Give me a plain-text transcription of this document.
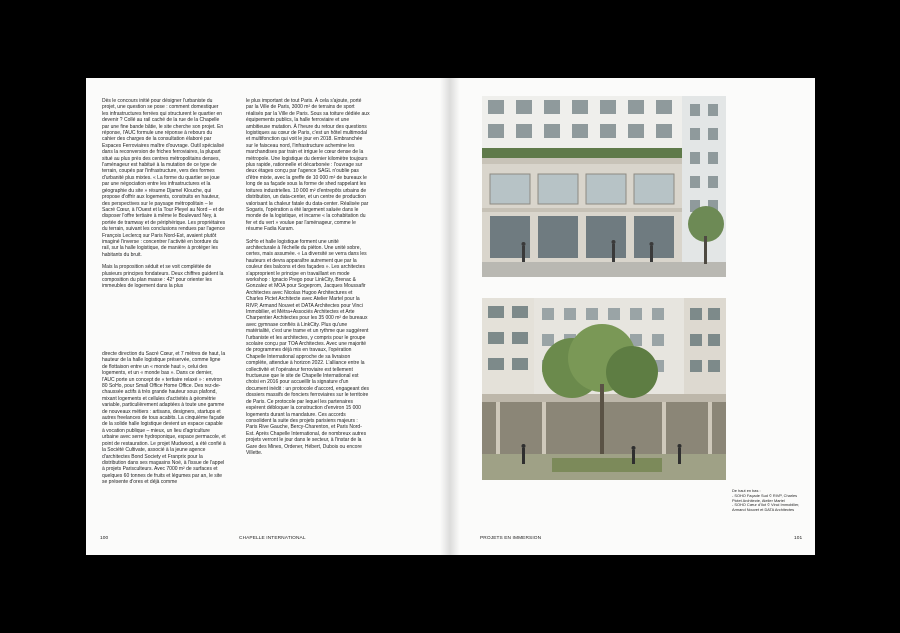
Dès le concours initié pour désigner l'urbaniste du projet, une question se pose : comment domestiquer les infrastructures ferrées qui structurent le quartier en devenir ? Collé au rail caché de la rue de la Chapelle par une fine bande bâtie, le site cherche son projet. En réponse, l'AUC formule une réponse à rebours du cahier des charges de la consultation élaboré par Espaces Ferroviaires maître d'ouvrage. Outil spécialisé dans la reconversion de friches ferroviaires, la plupart situé au plus près des centres métropolitains denses, l'aménageur est habitué à la mutation de ce type de terrain, coupés par l'infrastructure, vers des formes d'urbanité plus mixtes. « La forme du quartier se joue par une négociation entre les infrastructures et la géographie du site » résume Djamel Klouche, qui propose d'offrir aux logements, construits en hauteur, des perspectives sur le paysage métropolitain – le Sacré Cœur, à l'Ouest et la Tour Pleyel au Nord – et de disposer l'offre tertiaire à même le Boulevard Ney, à portée de tramway et de périphérique. Les propriétaires du terrain, suivant les conclusions rendues par l'agence François Leclercq sur Paris Nord-Est, avaient plutôt imaginé l'inverse : concentrer l'activité en bordure du rail, sur la halle logistique, de manière à protéger les habitants du bruit.

Mais la proposition séduit et se voit complétée de plusieurs principes fondateurs. Deux chiffres guident la composition du plan masse : 42° pour orienter les immeubles de logement dans la plus

directe direction du Sacré Cœur, et 7 mètres de haut, la hauteur de la halle logistique préservée, comme ligne de flottaison entre un « monde haut », celui des logements, et un « monde bas ». Dans ce dernier, l'AUC porte un concept de « tertiaire relaxé » : environ 80 SoHo, pour Small Office Home Office. Des rez-de-chaussée actifs à très grande hauteur sous plafond, mixant logements et cellules d'activités à géométrie variable, particulièrement adaptées à toute une gamme de nouveaux métiers : artisans, designers, startups et autres freelances de tous acabits. La cinquième façade de la solide halle logistique devient un espace capable à vocation publique – mieux, un lieu d'agriculture urbaine avec serre hydroponique, espace permacole, et point de restauration. Le projet Mudwood, a été confié à la Société Cultivate, associé à la jeune agence d'architectes Bond Society et Franprix pour la distribution dans ses magasins Noé, à l'issue de l'appel à projets Parisculteurs. Avec 7000 m² de surfaces et quelques 60 tonnes de fruits et légumes par an, le site se présente d'ores et déjà comme

le plus important de tout Paris. À cela s'ajoute, porté par la Ville de Paris, 3000 m² de terrains de sport réalisés par la Ville de Paris. Sous sa toiture dédiée aux équipements publics, la halle ferroviaire et une ambitieuse mutation. À l'heure du retour des questions logistiques au cœur de Paris, c'est un hôtel multimodal et multifonction qui voit le jour en 2018. Embranchée sur le faisceau nord, l'infrastructure achemine les marchandises par train et irrigue le cœur dense de la métropole. Une logistique du dernier kilomètre toujours plus rapide, rationnelle et décarbonée : l'ouvrage sur deux étages conçu par l'agence SAGL n'oublie pas d'être mixte, avec la greffe de 10 000 m² de bureaux le long de sa façade sous la forme de shed rappelant les toitures industrielles. 10 000 m² d'entrepôts urbains de distribution, un data-center, et un centre de production valorisant la chaleur fatale du data-center. Réalisée par Sogaris, l'opération a été largement saluée dans le monde de la logistique, et incarne « la cohabitation du fer et du vert » voulue par l'aménageur, comme le résume Fadia Karam.

SoHo et halle logistique forment une unité architecturale à l'échelle du piéton. Une unité sobre, certes, mais assumée. « La diversité se verra dans les hauteurs et devra apparaître autrement que par la couleur des balcons et des façades ». Les architectes s'approprient le principe en travaillant en mode workshop : Ignacio Prego pour LinkCity, Brenac & Gonzalez et MOA pour Sogeprom, Jacques Moussafir Architectes avec Nicolas Hugoo Architectures et Charles Pictet Architecte avec Atelier Martel pour la RIVP, Armand Nouvet et DATA Architectes pour Vinci Immobilier, et Métra+Associés Architectes et Arte Charpentier Architectes pour les 35 000 m² de bureaux avec gymnase confiés à LinkCity. Plus qu'une matérialité, c'est une trame et un rythme que suggèrent l'urbaniste et les architectes, y compris pour le groupe scolaire conçu par TOA Architectes. Avec une majorité de programmes déjà mis en travaux, l'opération Chapelle International approche de sa livraison complète, attendue à horizon 2022. L'alliance entre la collectivité et l'opérateur ferroviaire est tellement fructueuse que le site de Chapelle International est choisi en 2016 pour accueillir la signature d'un document inédit : un protocole d'accord, engageant des dossiers massifs de fonciers ferroviaires sur le territoire de Paris. Ce protocole par lequel les partenaires espèrent débloquer la construction d'environ 15 000 logements durant la mandature. Ces accords consolident la suite des projets parisiens majeurs : Paris Rive Gauche, Bercy-Charenton, et Paris Nord-Est. Après Chapelle International, de nombreux autres projets verront le jour dans le secteur, à l'instar de la Gare des Mines, Ordener, Hébert, Dubois ou encore Villette.

100	CHAPELLE INTERNATIONAL

De haut en bas :

- SOHO Façade Sud © RIVP, Charles Pictet Architecte, Atelier Martel

- SOHO Cœur d'îlot © Vinci Immobilier, Armand Nouvet et DATA Architectes

PROJETS EN IMMERSION	101
